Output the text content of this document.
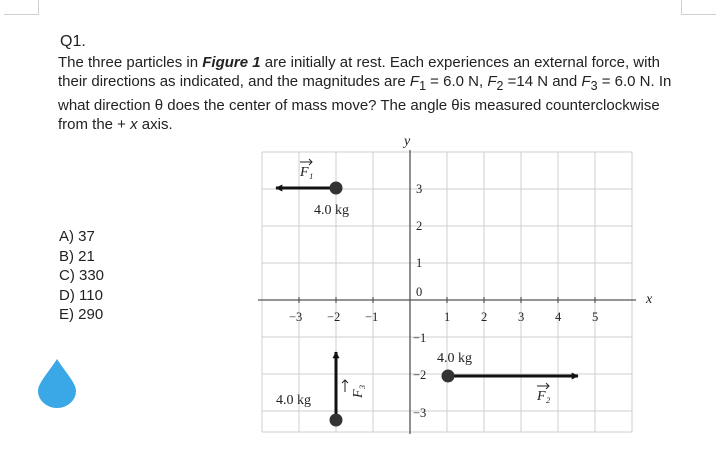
Q1.
The three particles in Figure 1 are initially at rest. Each experiences an external force, with their directions as indicated, and the magnitudes are $F_1 = 6.0$ N, $F_2 =14$ N and $F_3 = 6.0$ N. In what direction θ does the center of mass move? The angle θis measured counterclockwise from the + x axis.
A) 37
B) 21
C) 330
D) 110
E) 290	−3 −2 −1	1 2 3 4 5
3
2
1
0
−1
−2
−3
x
y
4.0 kg
4.0 kg
4.0 kg
F₁
F₂
F₃
